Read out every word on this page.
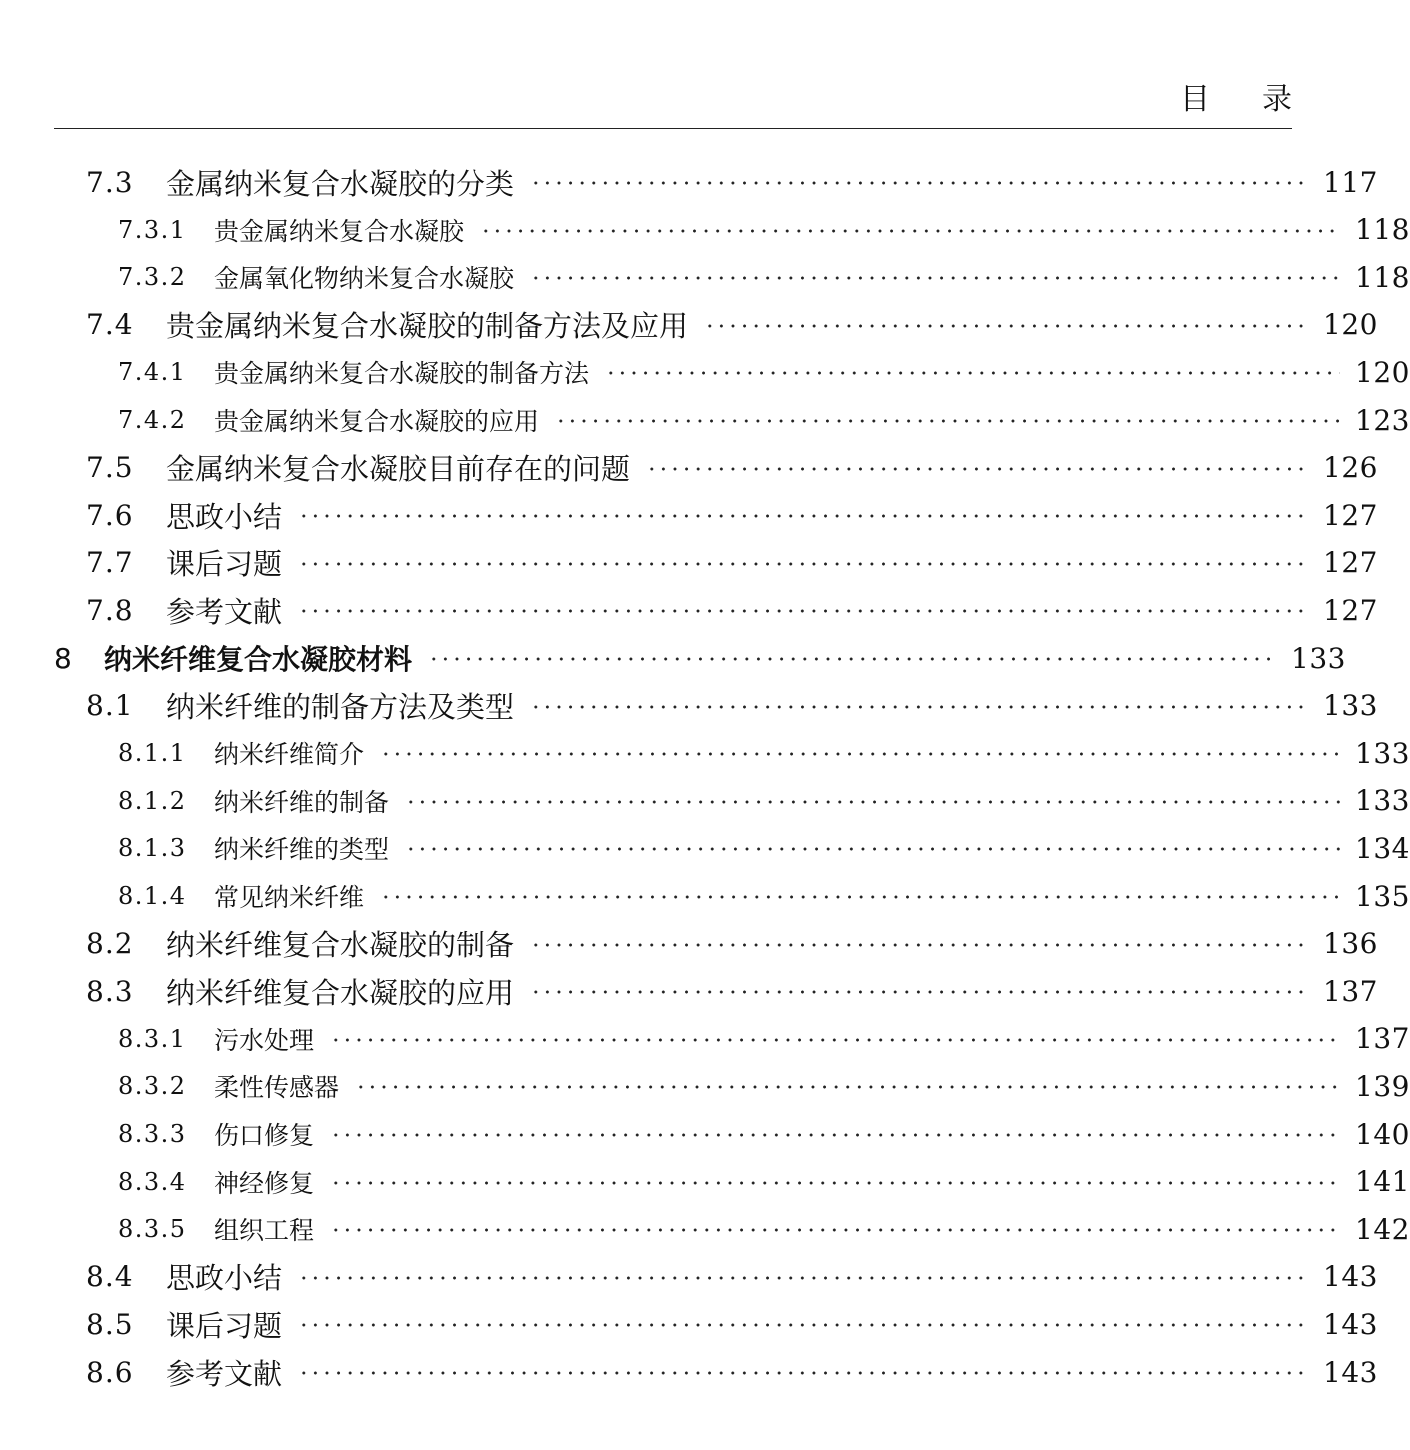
目录
7.3	金属纳米复合水凝胶的分类	117
7.3.1	贵金属纳米复合水凝胶	118
7.3.2	金属氧化物纳米复合水凝胶	118
7.4	贵金属纳米复合水凝胶的制备方法及应用	120
7.4.1	贵金属纳米复合水凝胶的制备方法	120
7.4.2	贵金属纳米复合水凝胶的应用	123
7.5	金属纳米复合水凝胶目前存在的问题	126
7.6	思政小结	127
7.7	课后习题	127
7.8	参考文献	127
8	纳米纤维复合水凝胶材料	133
8.1	纳米纤维的制备方法及类型	133
8.1.1	纳米纤维简介	133
8.1.2	纳米纤维的制备	133
8.1.3	纳米纤维的类型	134
8.1.4	常见纳米纤维	135
8.2	纳米纤维复合水凝胶的制备	136
8.3	纳米纤维复合水凝胶的应用	137
8.3.1	污水处理	137
8.3.2	柔性传感器	139
8.3.3	伤口修复	140
8.3.4	神经修复	141
8.3.5	组织工程	142
8.4	思政小结	143
8.5	课后习题	143
8.6	参考文献	143
